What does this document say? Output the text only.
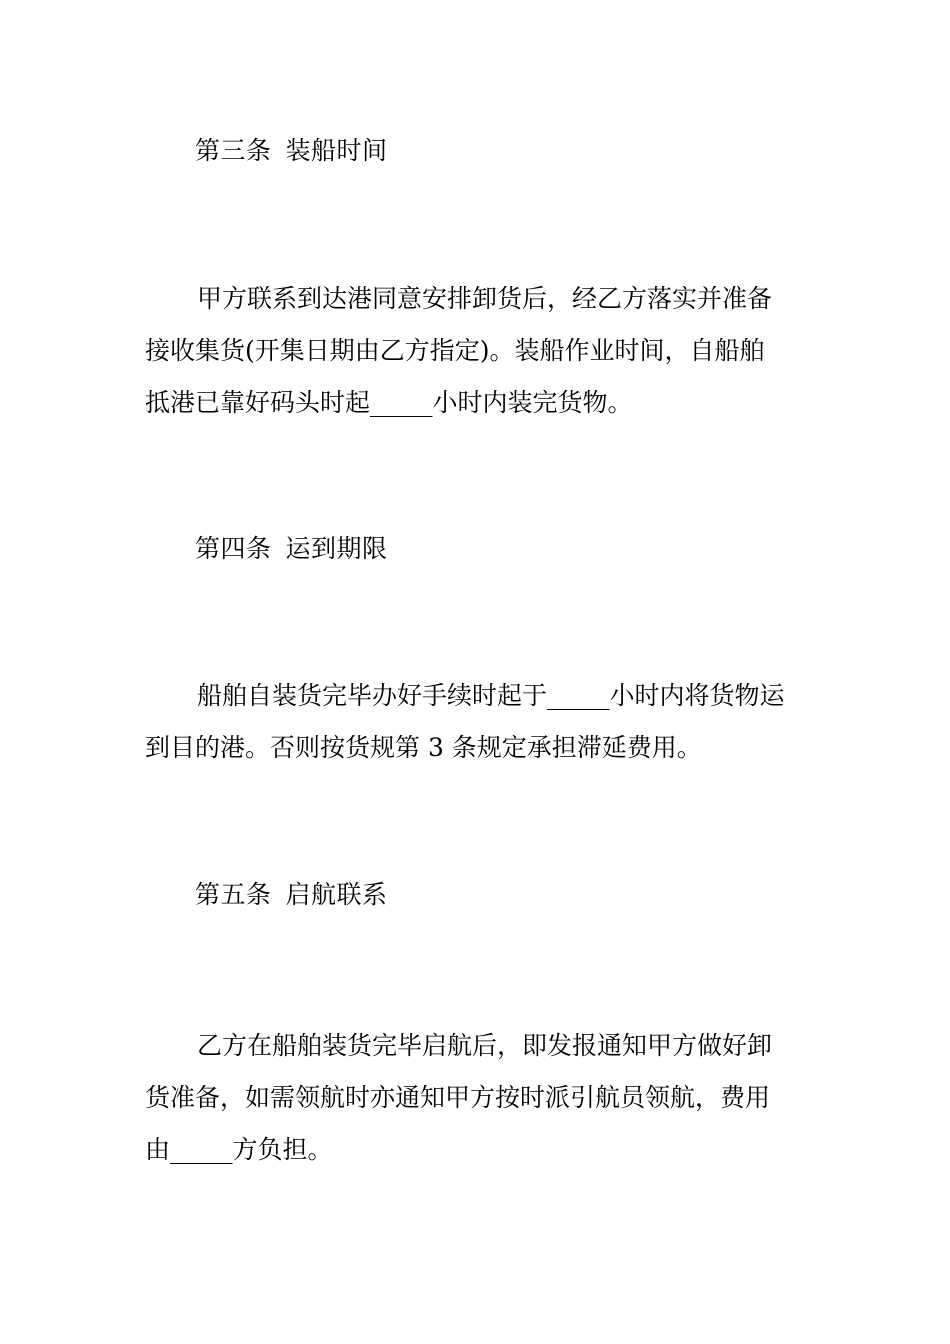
第三条 装船时间
甲方联系到达港同意安排卸货后，经乙方落实并准备
接收集货(开集日期由乙方指定)。装船作业时间，自船舶
抵港已靠好码头时起_____小时内装完货物。
第四条 运到期限
船舶自装货完毕办好手续时起于_____小时内将货物运
到目的港。否则按货规第 3 条规定承担滞延费用。
第五条 启航联系
乙方在船舶装货完毕启航后，即发报通知甲方做好卸
货准备，如需领航时亦通知甲方按时派引航员领航，费用
由_____方负担。
